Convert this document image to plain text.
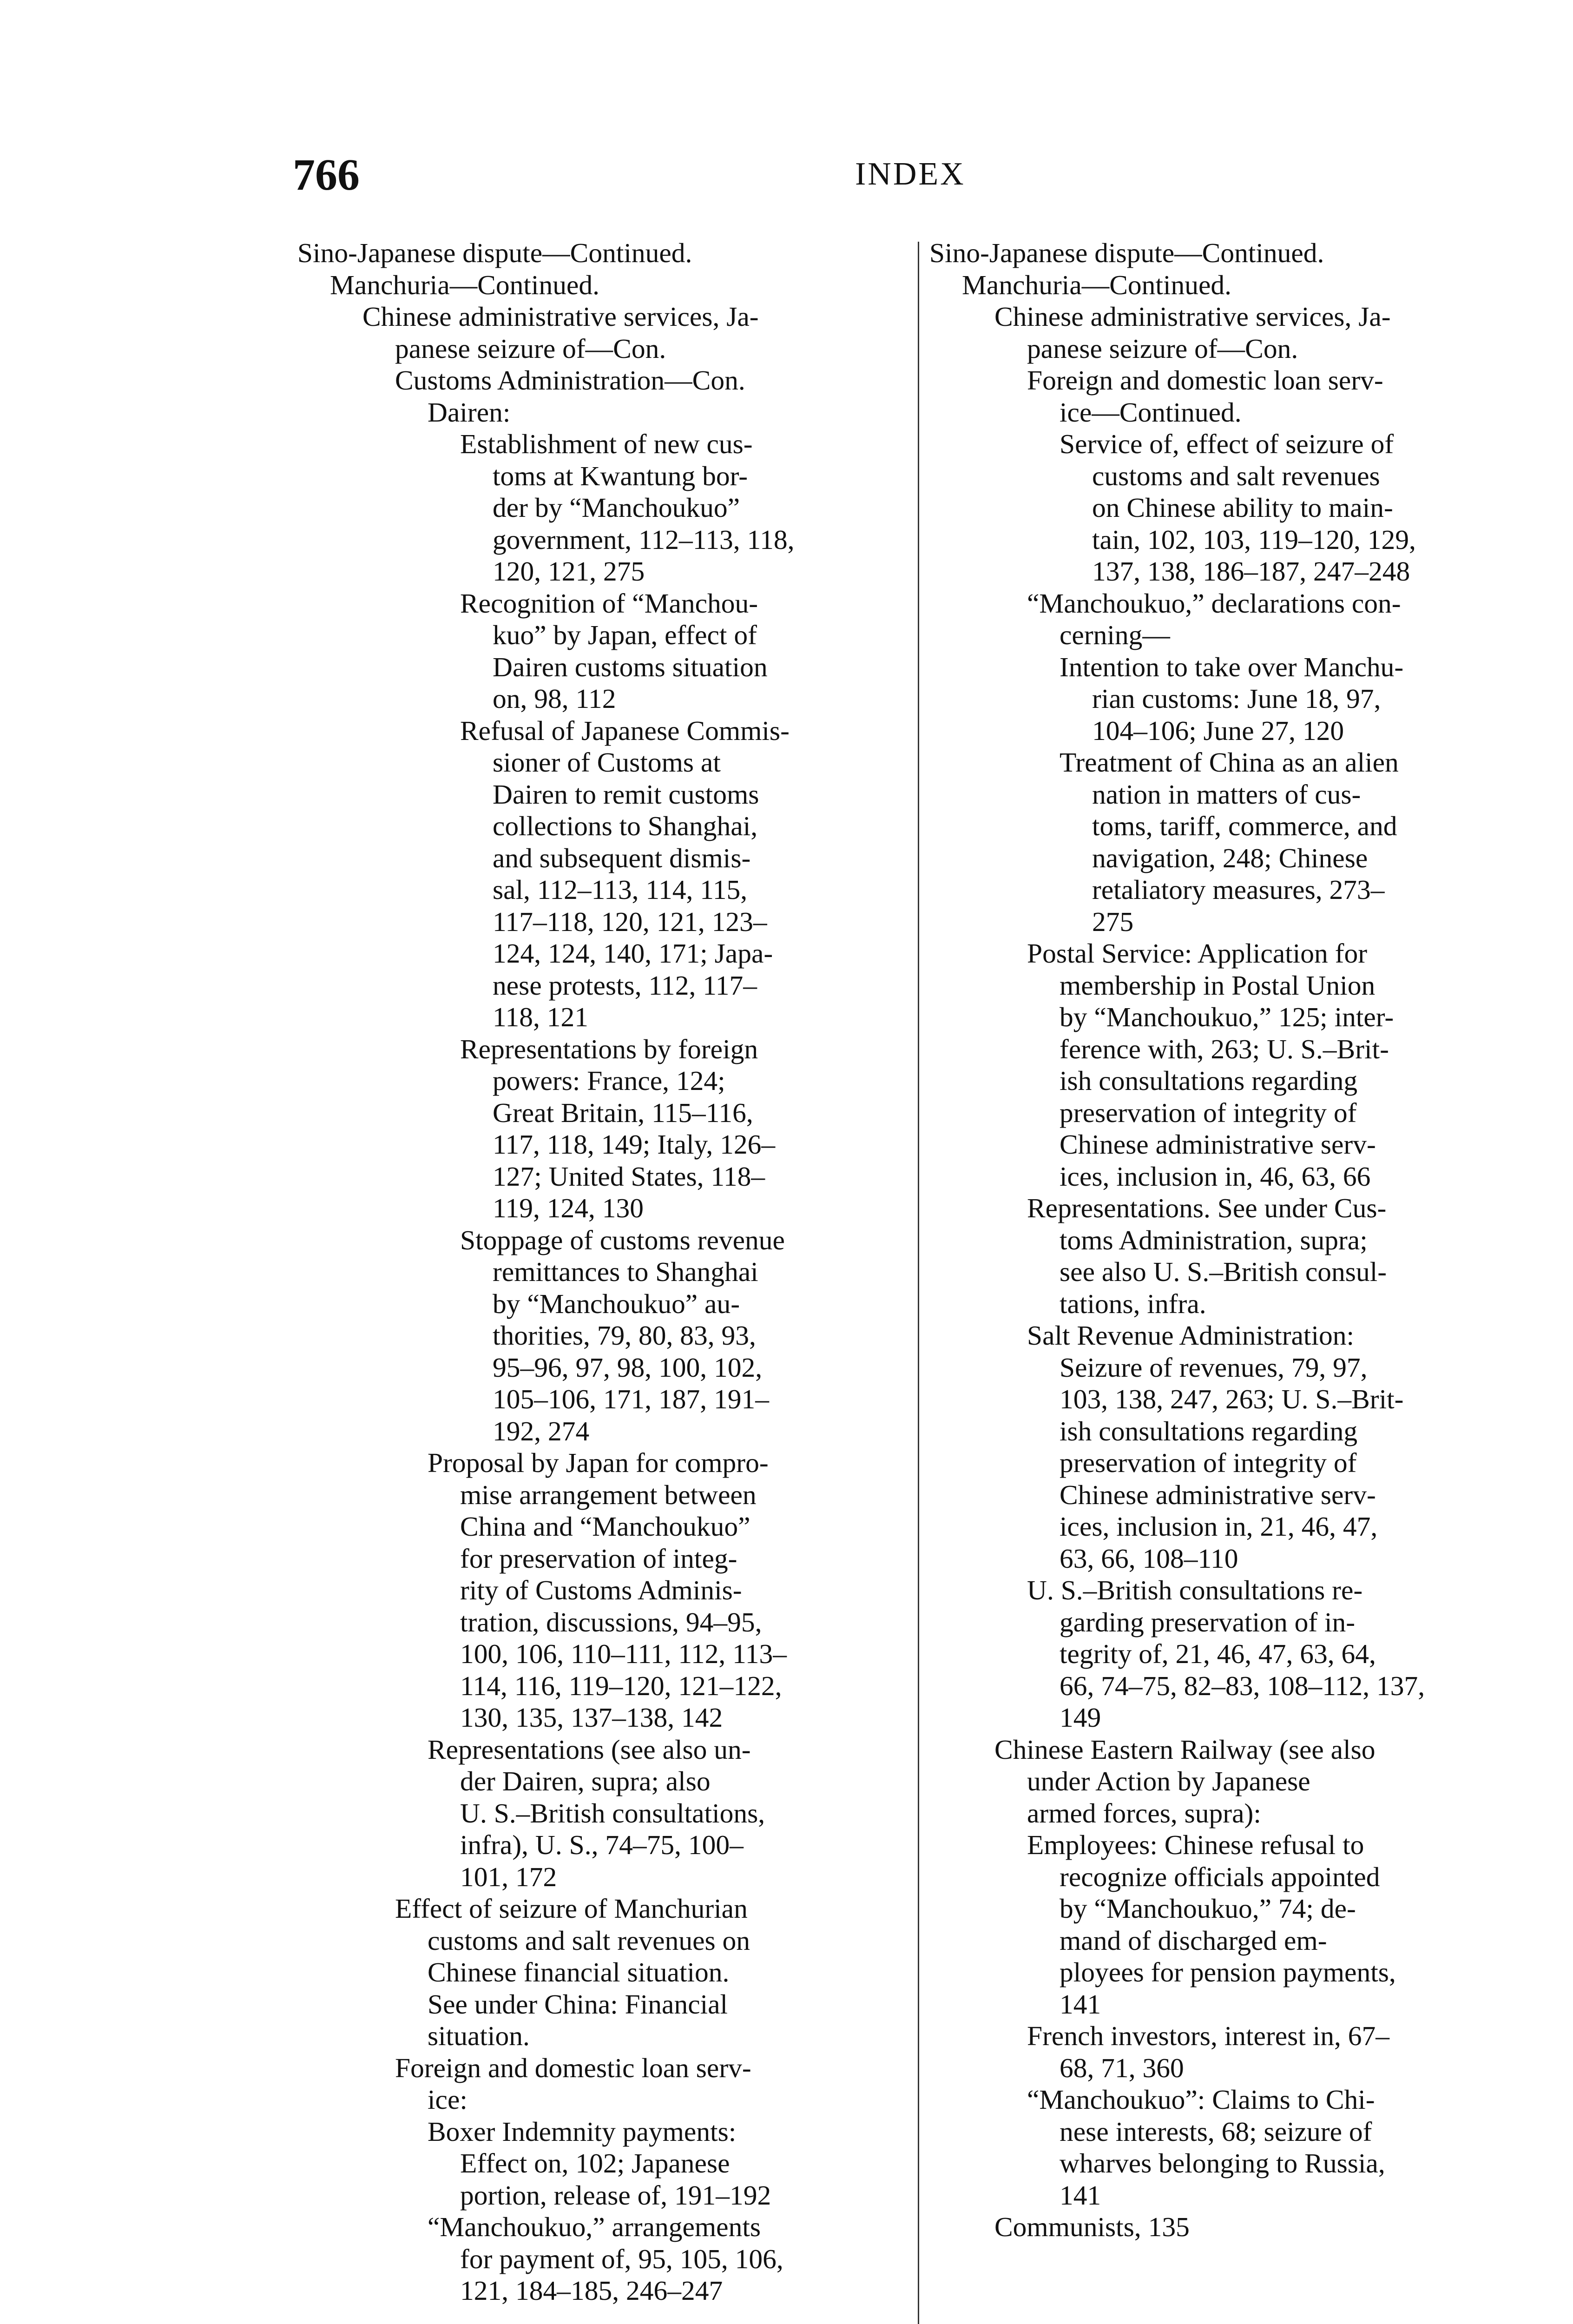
766	INDEX
Sino-Japanese dispute—Continued.
Manchuria—Continued.
Chinese administrative services, Ja-
panese seizure of—Con.
Customs Administration—Con.
Dairen:
Establishment of new cus-
toms at Kwantung bor-
der by “Manchoukuo”
government, 112–113, 118,
120, 121, 275
Recognition of “Manchou-
kuo” by Japan, effect of
Dairen customs situation
on, 98, 112
Refusal of Japanese Commis-
sioner of Customs at
Dairen to remit customs
collections to Shanghai,
and subsequent dismis-
sal, 112–113, 114, 115,
117–118, 120, 121, 123–
124, 124, 140, 171; Japa-
nese protests, 112, 117–
118, 121
Representations by foreign
powers: France, 124;
Great Britain, 115–116,
117, 118, 149; Italy, 126–
127; United States, 118–
119, 124, 130
Stoppage of customs revenue
remittances to Shanghai
by “Manchoukuo” au-
thorities, 79, 80, 83, 93,
95–96, 97, 98, 100, 102,
105–106, 171, 187, 191–
192, 274
Proposal by Japan for compro-
mise arrangement between
China and “Manchoukuo”
for preservation of integ-
rity of Customs Adminis-
tration, discussions, 94–95,
100, 106, 110–111, 112, 113–
114, 116, 119–120, 121–122,
130, 135, 137–138, 142
Representations (see also un-
der Dairen, supra; also
U. S.–British consultations,
infra), U. S., 74–75, 100–
101, 172
Effect of seizure of Manchurian
customs and salt revenues on
Chinese financial situation.
See under China: Financial
situation.
Foreign and domestic loan serv-
ice:
Boxer Indemnity payments:
Effect on, 102; Japanese
portion, release of, 191–192
“Manchoukuo,” arrangements
for payment of, 95, 105, 106,
121, 184–185, 246–247
Sino-Japanese dispute—Continued.
Manchuria—Continued.
Chinese administrative services, Ja-
panese seizure of—Con.
Foreign and domestic loan serv-
ice—Continued.
Service of, effect of seizure of
customs and salt revenues
on Chinese ability to main-
tain, 102, 103, 119–120, 129,
137, 138, 186–187, 247–248
“Manchoukuo,” declarations con-
cerning—
Intention to take over Manchu-
rian customs: June 18, 97,
104–106; June 27, 120
Treatment of China as an alien
nation in matters of cus-
toms, tariff, commerce, and
navigation, 248; Chinese
retaliatory measures, 273–
275
Postal Service: Application for
membership in Postal Union
by “Manchoukuo,” 125; inter-
ference with, 263; U. S.–Brit-
ish consultations regarding
preservation of integrity of
Chinese administrative serv-
ices, inclusion in, 46, 63, 66
Representations. See under Cus-
toms Administration, supra;
see also U. S.–British consul-
tations, infra.
Salt Revenue Administration:
Seizure of revenues, 79, 97,
103, 138, 247, 263; U. S.–Brit-
ish consultations regarding
preservation of integrity of
Chinese administrative serv-
ices, inclusion in, 21, 46, 47,
63, 66, 108–110
U. S.–British consultations re-
garding preservation of in-
tegrity of, 21, 46, 47, 63, 64,
66, 74–75, 82–83, 108–112, 137,
149
Chinese Eastern Railway (see also
under Action by Japanese
armed forces, supra):
Employees: Chinese refusal to
recognize officials appointed
by “Manchoukuo,” 74; de-
mand of discharged em-
ployees for pension payments,
141
French investors, interest in, 67–
68, 71, 360
“Manchoukuo”: Claims to Chi-
nese interests, 68; seizure of
wharves belonging to Russia,
141
Communists, 135
